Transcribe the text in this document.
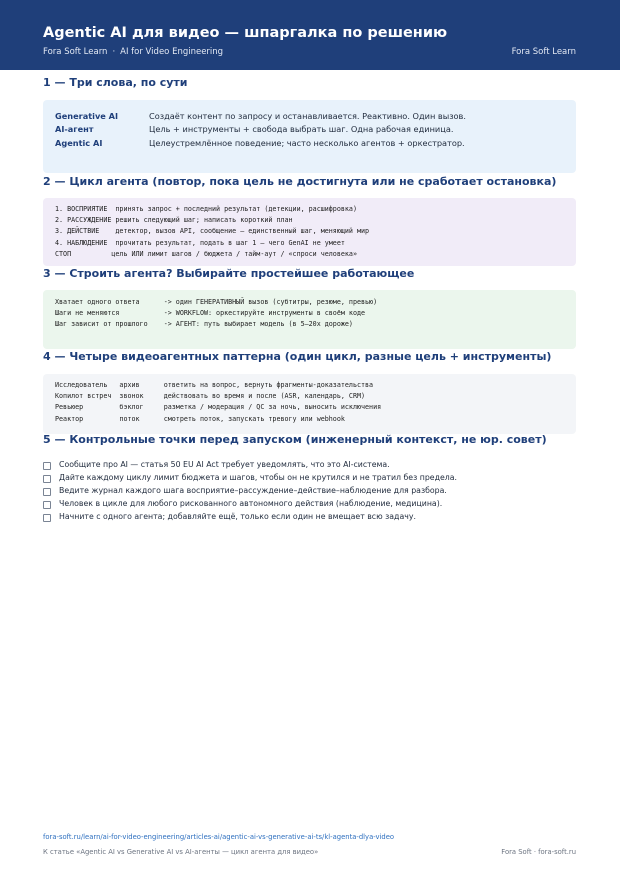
Agentic AI для видео — шпаргалка по решению
Fora Soft Learn · AI for Video Engineering	Fora Soft Learn
1 — Три слова, по сути
Generative AI	Создаёт контент по запросу и останавливается. Реактивно. Один вызов.
AI-агент	Цель + инструменты + свобода выбрать шаг. Одна рабочая единица.
Agentic AI	Целеустремлённое поведение; часто несколько агентов + оркестратор.
2 — Цикл агента (повтор, пока цель не достигнута или не сработает остановка)
1. ВОСПРИЯТИЕ  принять запрос + последний результат (детекции, расшифровка)
2. РАССУЖДЕНИЕ решить следующий шаг; написать короткий план
3. ДЕЙСТВИЕ    детектор, вызов API, сообщение — единственный шаг, меняющий мир
4. НАБЛЮДЕНИЕ  прочитать результат, подать в шаг 1 — чего GenAI не умеет
СТОП          цель ИЛИ лимит шагов / бюджета / тайм-аут / «спроси человека»
3 — Строить агента? Выбирайте простейшее работающее
Хватает одного ответа      -> один ГЕНЕРАТИВНЫЙ вызов (субтитры, резюме, превью)
Шаги не меняются           -> WORKFLOW: оркестируйте инструменты в своём коде
Шаг зависит от прошлого    -> АГЕНТ: путь выбирает модель (в 5–20x дороже)
4 — Четыре видеоагентных паттерна (один цикл, разные цель + инструменты)
Исследователь   архив      ответить на вопрос, вернуть фрагменты-доказательства
Копилот встреч  звонок     действовать во время и после (ASR, календарь, CRM)
Ревьюер         бэклог     разметка / модерация / QC за ночь, выносить исключения
Реактор         поток      смотреть поток, запускать тревогу или webhook
5 — Контрольные точки перед запуском (инженерный контекст, не юр. совет)
Сообщите про AI — статья 50 EU AI Act требует уведомлять, что это AI-система.
Дайте каждому циклу лимит бюджета и шагов, чтобы он не крутился и не тратил без предела.
Ведите журнал каждого шага восприятие–рассуждение–действие–наблюдение для разбора.
Человек в цикле для любого рискованного автономного действия (наблюдение, медицина).
Начните с одного агента; добавляйте ещё, только если один не вмещает всю задачу.
fora-soft.ru/learn/ai-for-video-engineering/articles-ai/agentic-ai-vs-generative-ai-ts/kl-agenta-dlya-video
К статье «Agentic AI vs Generative AI vs AI-агенты — цикл агента для видео»	Fora Soft · fora-soft.ru
